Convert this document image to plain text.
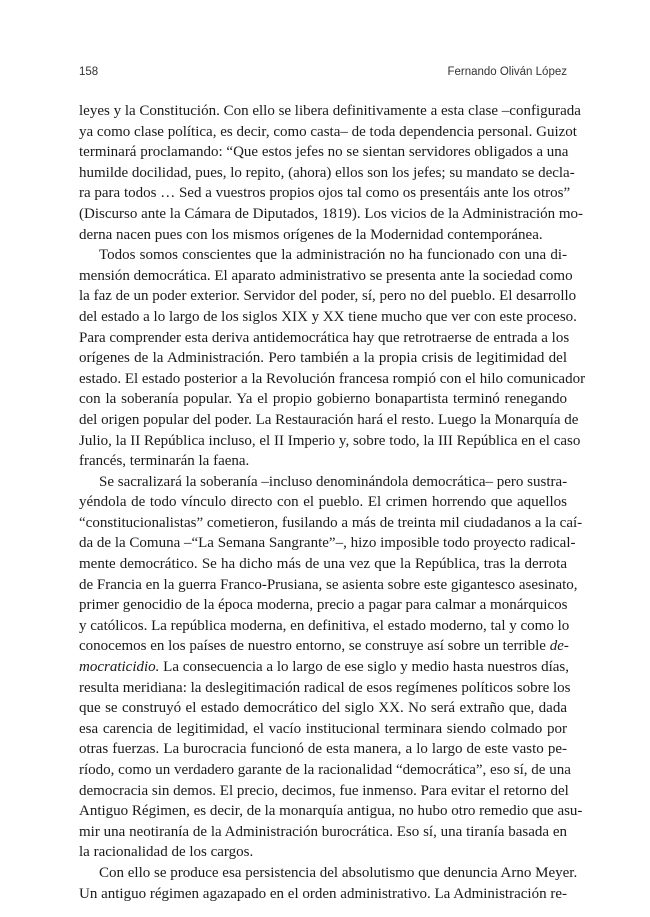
158	Fernando Oliván López
leyes y la Constitución. Con ello se libera definitivamente a esta clase –configurada
ya como clase política, es decir, como casta– de toda dependencia personal. Guizot
terminará proclamando: “Que estos jefes no se sientan servidores obligados a una
humilde docilidad, pues, lo repito, (ahora) ellos son los jefes; su mandato se decla-
ra para todos … Sed a vuestros propios ojos tal como os presentáis ante los otros”
(Discurso ante la Cámara de Diputados, 1819). Los vicios de la Administración mo-
derna nacen pues con los mismos orígenes de la Modernidad contemporánea.
Todos somos conscientes que la administración no ha funcionado con una di-
mensión democrática. El aparato administrativo se presenta ante la sociedad como
la faz de un poder exterior. Servidor del poder, sí, pero no del pueblo. El desarrollo
del estado a lo largo de los siglos XIX y XX tiene mucho que ver con este proceso.
Para comprender esta deriva antidemocrática hay que retrotraerse de entrada a los
orígenes de la Administración. Pero también a la propia crisis de legitimidad del
estado. El estado posterior a la Revolución francesa rompió con el hilo comunicador
con la soberanía popular. Ya el propio gobierno bonapartista terminó renegando
del origen popular del poder. La Restauración hará el resto. Luego la Monarquía de
Julio, la II República incluso, el II Imperio y, sobre todo, la III República en el caso
francés, terminarán la faena.
Se sacralizará la soberanía –incluso denominándola democrática– pero sustra-
yéndola de todo vínculo directo con el pueblo. El crimen horrendo que aquellos
“constitucionalistas” cometieron, fusilando a más de treinta mil ciudadanos a la caí-
da de la Comuna –“La Semana Sangrante”–, hizo imposible todo proyecto radical-
mente democrático. Se ha dicho más de una vez que la República, tras la derrota
de Francia en la guerra Franco-Prusiana, se asienta sobre este gigantesco asesinato,
primer genocidio de la época moderna, precio a pagar para calmar a monárquicos
y católicos. La república moderna, en definitiva, el estado moderno, tal y como lo
conocemos en los países de nuestro entorno, se construye así sobre un terrible de-
mocraticidio. La consecuencia a lo largo de ese siglo y medio hasta nuestros días,
resulta meridiana: la deslegitimación radical de esos regímenes políticos sobre los
que se construyó el estado democrático del siglo XX. No será extraño que, dada
esa carencia de legitimidad, el vacío institucional terminara siendo colmado por
otras fuerzas. La burocracia funcionó de esta manera, a lo largo de este vasto pe-
ríodo, como un verdadero garante de la racionalidad “democrática”, eso sí, de una
democracia sin demos. El precio, decimos, fue inmenso. Para evitar el retorno del
Antiguo Régimen, es decir, de la monarquía antigua, no hubo otro remedio que asu-
mir una neotiranía de la Administración burocrática. Eso sí, una tiranía basada en
la racionalidad de los cargos.
Con ello se produce esa persistencia del absolutismo que denuncia Arno Meyer.
Un antiguo régimen agazapado en el orden administrativo. La Administración re-
